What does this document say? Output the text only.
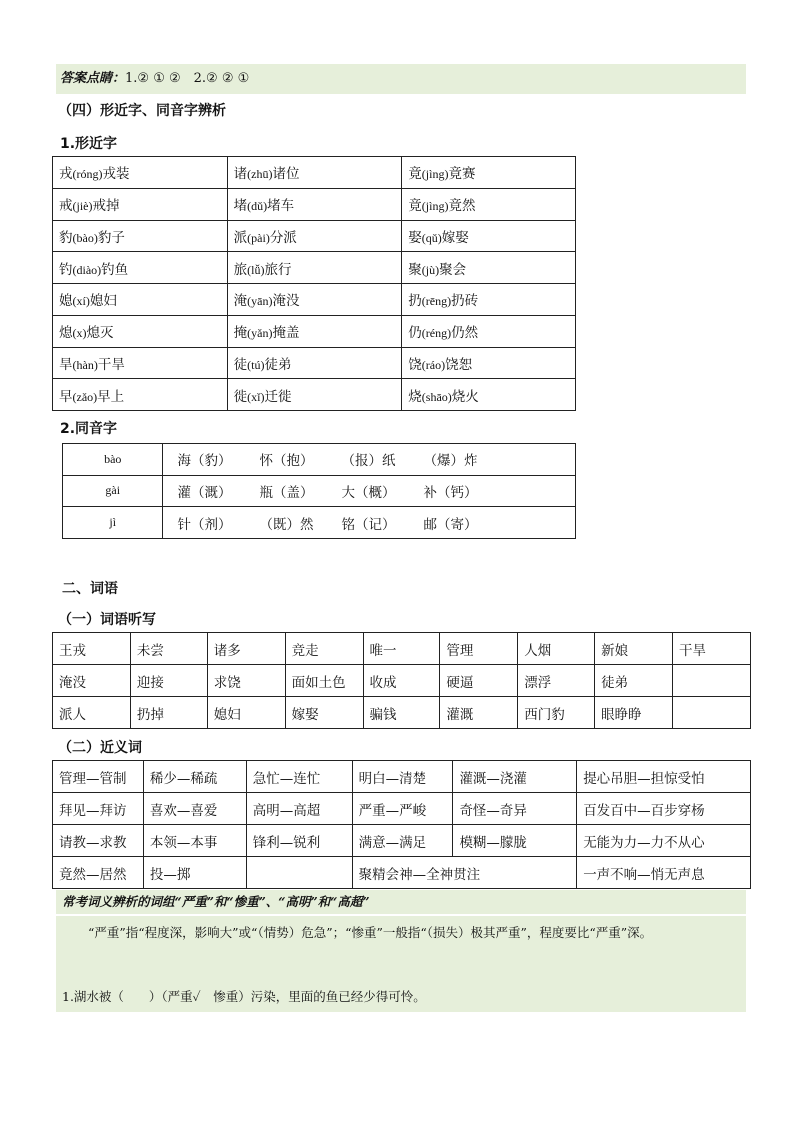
答案点睛：1.② ① ②　2.② ② ①
（四）形近字、同音字辨析
1.形近字
戎(róng)戎装	诸(zhū)诸位	竟(jìng)竟赛
戒(jiè)戒掉	堵(dǔ)堵车	竟(jìng)竟然
豹(bào)豹子	派(pài)分派	娶(qǔ)嫁娶
钓(diào)钓鱼	旅(lǚ)旅行	聚(jù)聚会
媳(xí)媳妇	淹(yān)淹没	扔(rēng)扔砖
熄(x)熄灭	掩(yǎn)掩盖	仍(réng)仍然
旱(hàn)干旱	徒(tú)徒弟	饶(ráo)饶恕
早(zǎo)早上	徙(xǐ)迁徙	烧(shāo)烧火
2.同音字
bào	海（豹） 怀（抱） （报）纸 （爆）炸
gài	灌（溉） 瓶（盖） 大（概） 补（钙）
jì	针（剂） （既）然 铭（记） 邮（寄）
二、词语
（一）词语听写
王戎	未尝	诸多	竞走	唯一	管理	人烟	新娘	干旱
淹没	迎接	求饶	面如土色	收成	硬逼	漂浮	徒弟	
派人	扔掉	媳妇	嫁娶	骗钱	灌溉	西门豹	眼睁睁	
（二）近义词
管理—管制	稀少—稀疏	急忙—连忙	明白—清楚	灌溉—浇灌	提心吊胆—担惊受怕
拜见—拜访	喜欢—喜爱	高明—高超	严重—严峻	奇怪—奇异	百发百中—百步穿杨
请教—求教	本领—本事	锋利—锐利	满意—满足	模糊—朦胧	无能为力—力不从心
竟然—居然	投—掷		聚精会神—全神贯注		一声不响—悄无声息
常考词义辨析的词组“严重”和“惨重”、“高明”和“高超”
“严重”指“程度深，影响大”或“（情势）危急”；“惨重”一般指“（损失）极其严重”，程度要比“严重”深。
1.湖水被（　　）（严重✓　惨重）污染，里面的鱼已经少得可怜。
